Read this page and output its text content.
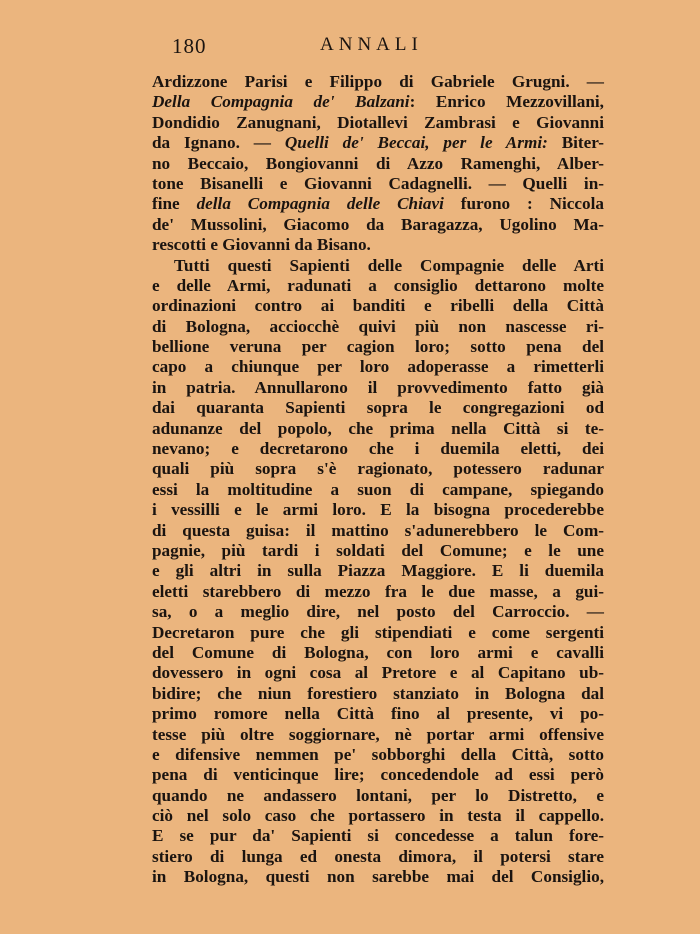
180	ANNALI
Ardizzone Parisi e Filippo di Gabriele Grugni. —
Della Compagnia de' Balzani: Enrico Mezzovillani,
Dondidio Zanugnani, Diotallevi Zambrasi e Giovanni
da Ignano. — Quelli de' Beccai, per le Armi: Biter-
no Beccaio, Bongiovanni di Azzo Ramenghi, Alber-
tone Bisanelli e Giovanni Cadagnelli. — Quelli in-
fine della Compagnia delle Chiavi furono : Niccola
de' Mussolini, Giacomo da Baragazza, Ugolino Ma-
rescotti e Giovanni da Bisano.
Tutti questi Sapienti delle Compagnie delle Arti
e delle Armi, radunati a consiglio dettarono molte
ordinazioni contro ai banditi e ribelli della Città
di Bologna, acciocchè quivi più non nascesse ri-
bellione veruna per cagion loro; sotto pena del
capo a chiunque per loro adoperasse a rimetterli
in patria. Annullarono il provvedimento fatto già
dai quaranta Sapienti sopra le congregazioni od
adunanze del popolo, che prima nella Città si te-
nevano; e decretarono che i duemila eletti, dei
quali più sopra s'è ragionato, potessero radunar
essi la moltitudine a suon di campane, spiegando
i vessilli e le armi loro. E la bisogna procederebbe
di questa guisa: il mattino s'adunerebbero le Com-
pagnie, più tardi i soldati del Comune; e le une
e gli altri in sulla Piazza Maggiore. E li duemila
eletti starebbero di mezzo fra le due masse, a gui-
sa, o a meglio dire, nel posto del Carroccio. —
Decretaron pure che gli stipendiati e come sergenti
del Comune di Bologna, con loro armi e cavalli
dovessero in ogni cosa al Pretore e al Capitano ub-
bidire; che niun forestiero stanziato in Bologna dal
primo romore nella Città fino al presente, vi po-
tesse più oltre soggiornare, nè portar armi offensive
e difensive nemmen pe' sobborghi della Città, sotto
pena di venticinque lire; concedendole ad essi però
quando ne andassero lontani, per lo Distretto, e
ciò nel solo caso che portassero in testa il cappello.
E se pur da' Sapienti si concedesse a talun fore-
stiero di lunga ed onesta dimora, il potersi stare
in Bologna, questi non sarebbe mai del Consiglio,
